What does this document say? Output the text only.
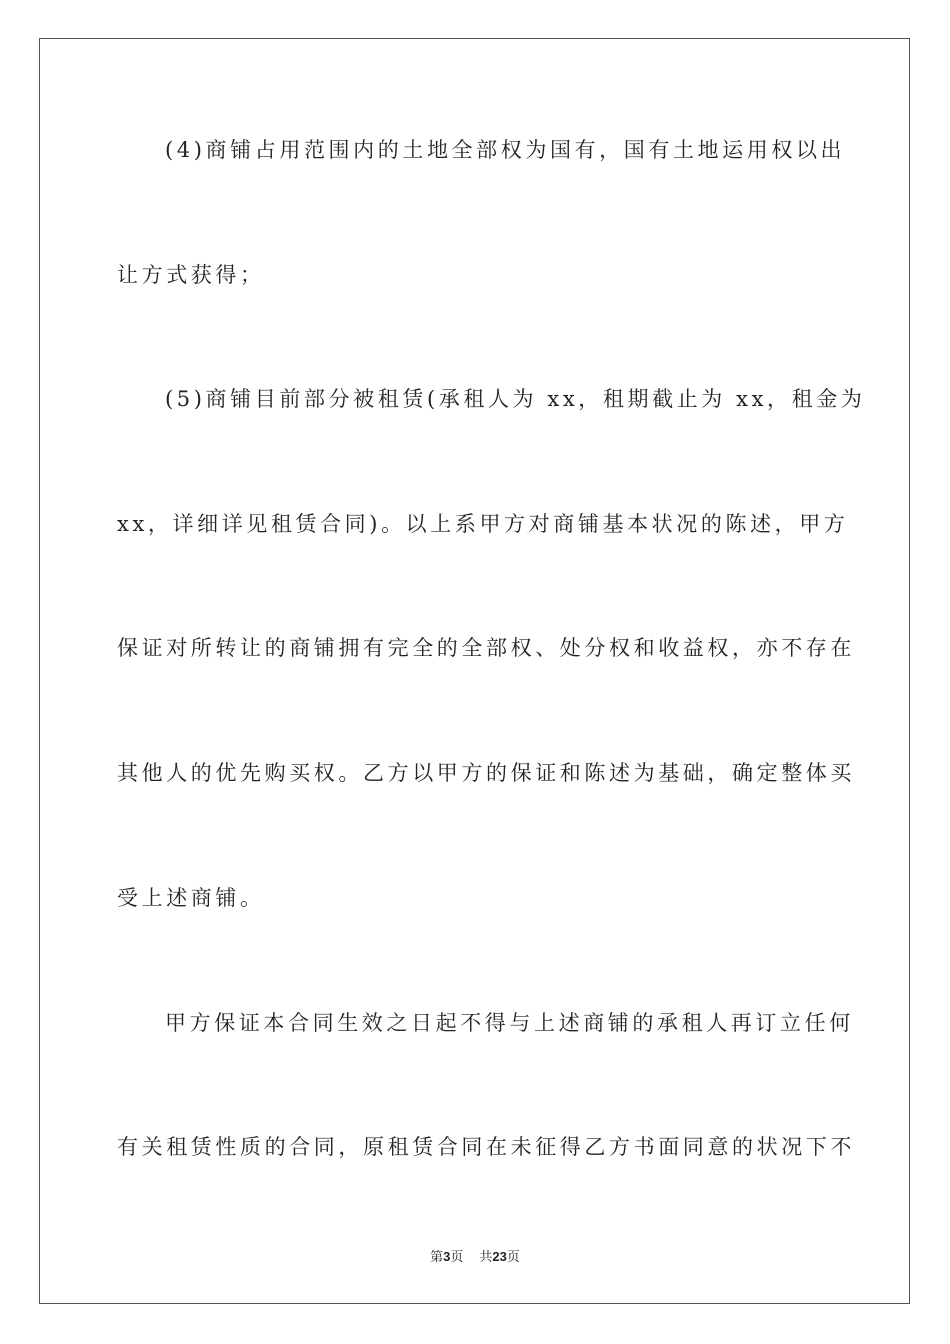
(4)商铺占用范围内的土地全部权为国有，国有土地运用权以出
让方式获得；
(5)商铺目前部分被租赁(承租人为 xx，租期截止为 xx，租金为
xx，详细详见租赁合同)。以上系甲方对商铺基本状况的陈述，甲方
保证对所转让的商铺拥有完全的全部权、处分权和收益权，亦不存在
其他人的优先购买权。乙方以甲方的保证和陈述为基础，确定整体买
受上述商铺。
甲方保证本合同生效之日起不得与上述商铺的承租人再订立任何
有关租赁性质的合同，原租赁合同在未征得乙方书面同意的状况下不
第3页 共23页
